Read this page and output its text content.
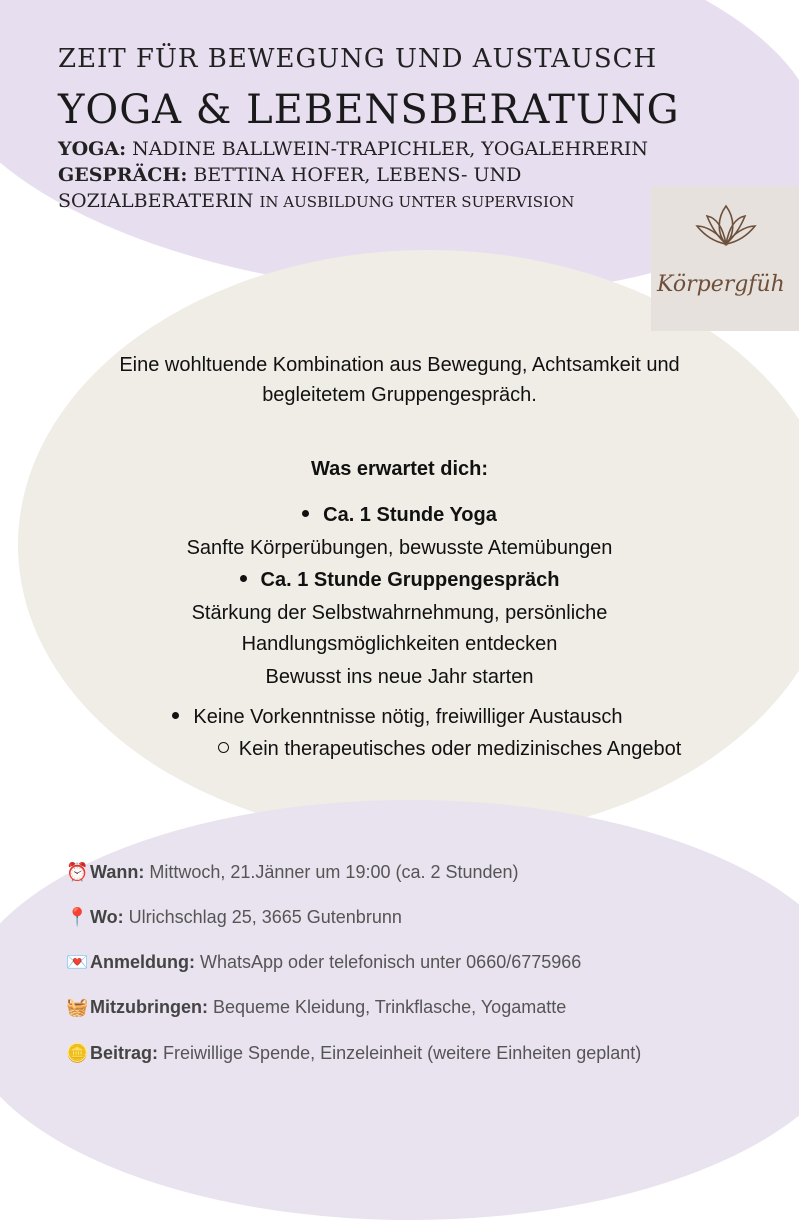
ZEIT FÜR BEWEGUNG UND AUSTAUSCH
YOGA & LEBENSBERATUNG
YOGA: NADINE BALLWEIN-TRAPICHLER, YOGALEHRERIN
GESPRÄCH: BETTINA HOFER, LEBENS- UND
SOZIALBERATERIN IN AUSBILDUNG UNTER SUPERVISION
Körpergfüh
Eine wohltuende Kombination aus Bewegung, Achtsamkeit und
begleitetem Gruppengespräch.
Was erwartet dich:
Ca. 1 Stunde Yoga
Sanfte Körperübungen, bewusste Atemübungen
Ca. 1 Stunde Gruppengespräch
Stärkung der Selbstwahrnehmung, persönliche
Handlungsmöglichkeiten entdecken
Bewusst ins neue Jahr starten
Keine Vorkenntnisse nötig, freiwilliger Austausch
Kein therapeutisches oder medizinisches Angebot
⏰Wann: Mittwoch, 21.Jänner um 19:00 (ca. 2 Stunden)
📍Wo: Ulrichschlag 25, 3665 Gutenbrunn
💌Anmeldung: WhatsApp oder telefonisch unter 0660/6775966
🧺Mitzubringen: Bequeme Kleidung, Trinkflasche, Yogamatte
🪙Beitrag: Freiwillige Spende, Einzeleinheit (weitere Einheiten geplant)
